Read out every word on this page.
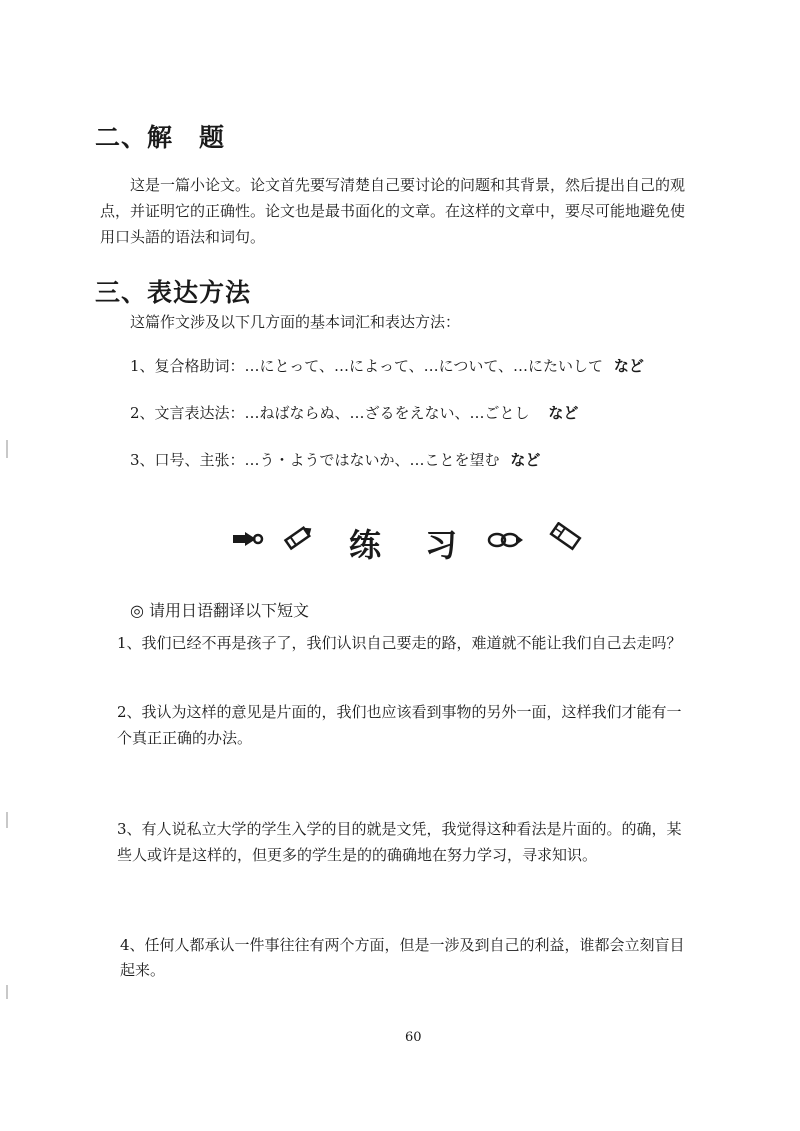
二、解　题
这是一篇小论文。论文首先要写清楚自己要讨论的问题和其背景，然后提出自己的观
点，并证明它的正确性。论文也是最书面化的文章。在这样的文章中，要尽可能地避免使
用口头語的语法和词句。
三、表达方法
这篇作文涉及以下几方面的基本词汇和表达方法：
1、复合格助词：…にとって、…によって、…について、…にたいして など
2、文言表达法：…ねばならぬ、…ざるをえない、…ごとし など
3、口号、主张：…う・ようではないか、…ことを望む など
练 习
◎ 请用日语翻译以下短文
1、我们已经不再是孩子了，我们认识自己要走的路，难道就不能让我们自己去走吗？
2、我认为这样的意见是片面的，我们也应该看到事物的另外一面，这样我们才能有一
个真正正确的办法。
3、有人说私立大学的学生入学的目的就是文凭，我觉得这种看法是片面的。的确，某
些人或许是这样的，但更多的学生是的的确确地在努力学习，寻求知识。
4、任何人都承认一件事往往有两个方面，但是一涉及到自己的利益，谁都会立刻盲目
起来。
60
